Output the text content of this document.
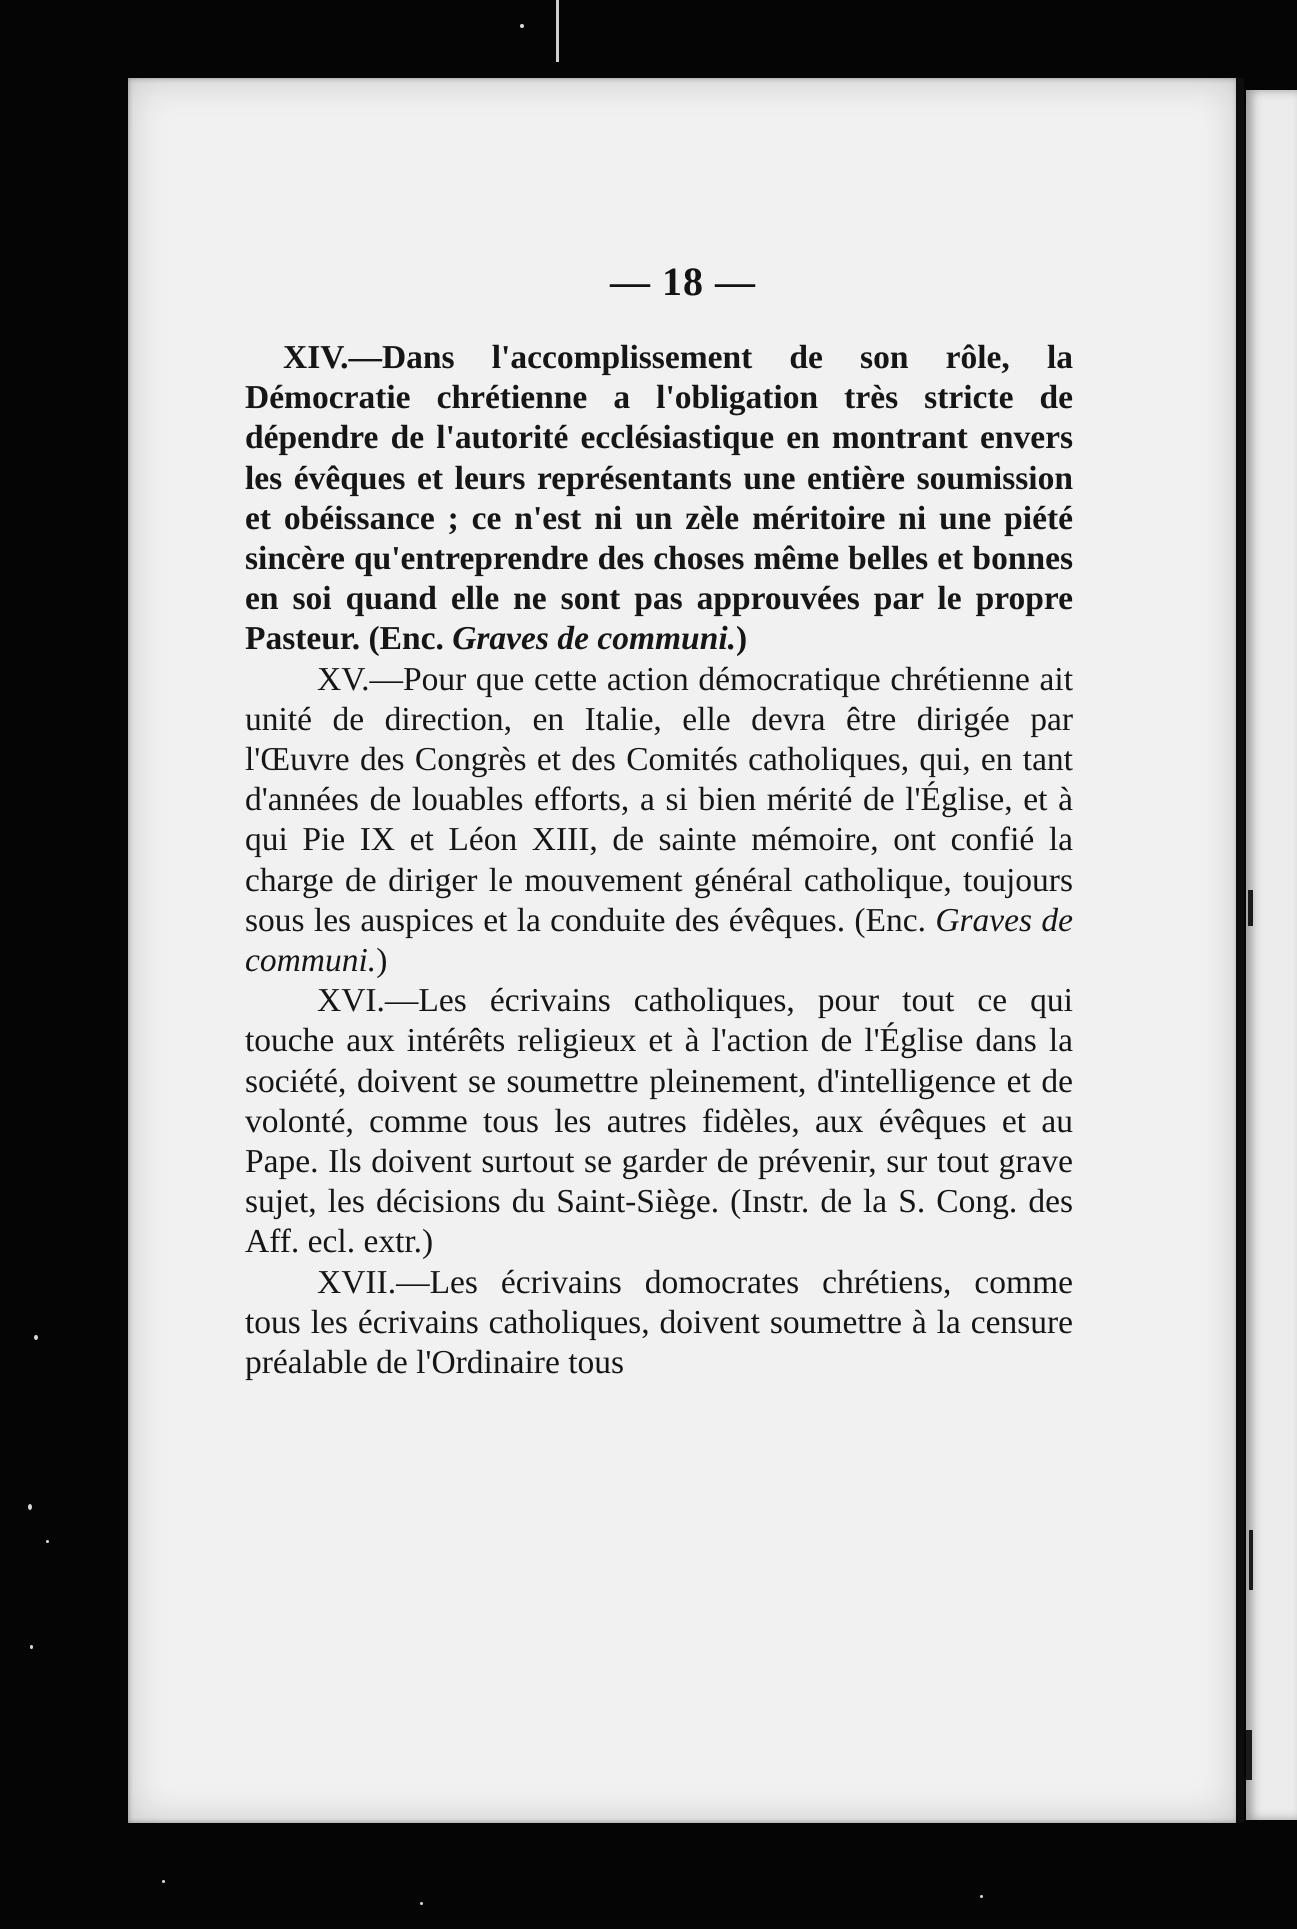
— 18 —

XIV.—Dans l'accomplissement de son rôle, la Démocratie chrétienne a l'obligation très stricte de dépendre de l'autorité ecclésiastique en montrant envers les évêques et leurs représentants une entière soumission et obéissance ; ce n'est ni un zèle méritoire ni une piété sincère qu'entreprendre des choses même belles et bonnes en soi quand elle ne sont pas approuvées par le propre Pasteur. (Enc. Graves de communi.)

XV.—Pour que cette action démocratique chrétienne ait unité de direction, en Italie, elle devra être dirigée par l'Œuvre des Congrès et des Comités catholiques, qui, en tant d'années de louables efforts, a si bien mérité de l'Église, et à qui Pie IX et Léon XIII, de sainte mémoire, ont confié la charge de diriger le mouvement général catholique, toujours sous les auspices et la conduite des évêques. (Enc. Graves de communi.)

XVI.—Les écrivains catholiques, pour tout ce qui touche aux intérêts religieux et à l'action de l'Église dans la société, doivent se soumettre pleinement, d'intelligence et de volonté, comme tous les autres fidèles, aux évêques et au Pape. Ils doivent surtout se garder de prévenir, sur tout grave sujet, les décisions du Saint-Siège. (Instr. de la S. Cong. des Aff. ecl. extr.)

XVII.—Les écrivains domocrates chrétiens, comme tous les écrivains catholiques, doivent soumettre à la censure préalable de l'Ordinaire tous
